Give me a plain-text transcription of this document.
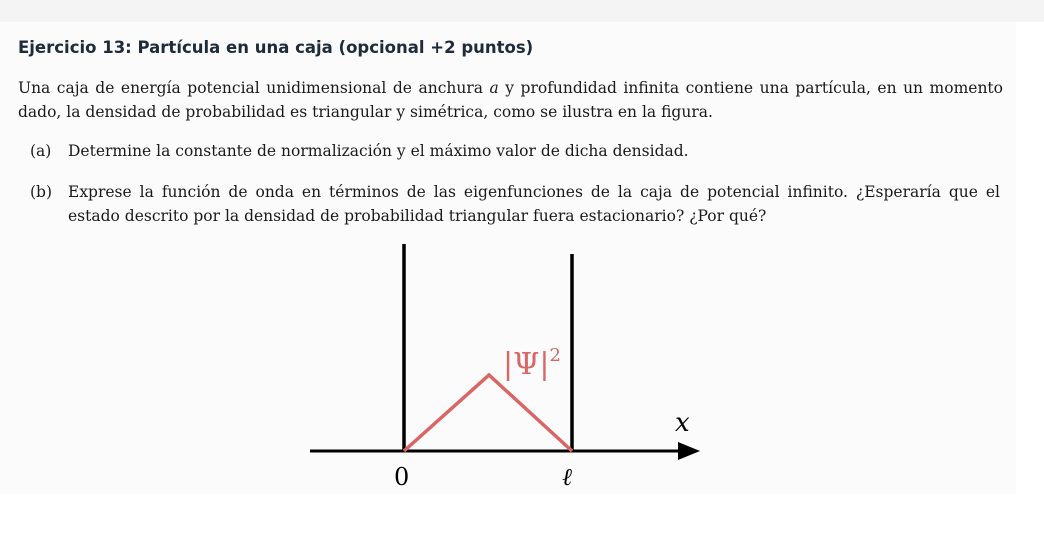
Ejercicio 13: Partícula en una caja (opcional +2 puntos)
Una caja de energía potencial unidimensional de anchura a y profundidad infinita contiene una partícula, en un momento dado, la densidad de probabilidad es triangular y simétrica, como se ilustra en la figura.
(a) Determine la constante de normalización y el máximo valor de dicha densidad.
(b) Exprese la función de onda en términos de las eigenfunciones de la caja de potencial infinito. ¿Esperaría que el estado descrito por la densidad de probabilidad triangular fuera estacionario? ¿Por qué?
$|\Psi|^2$
x
0	ℓ
